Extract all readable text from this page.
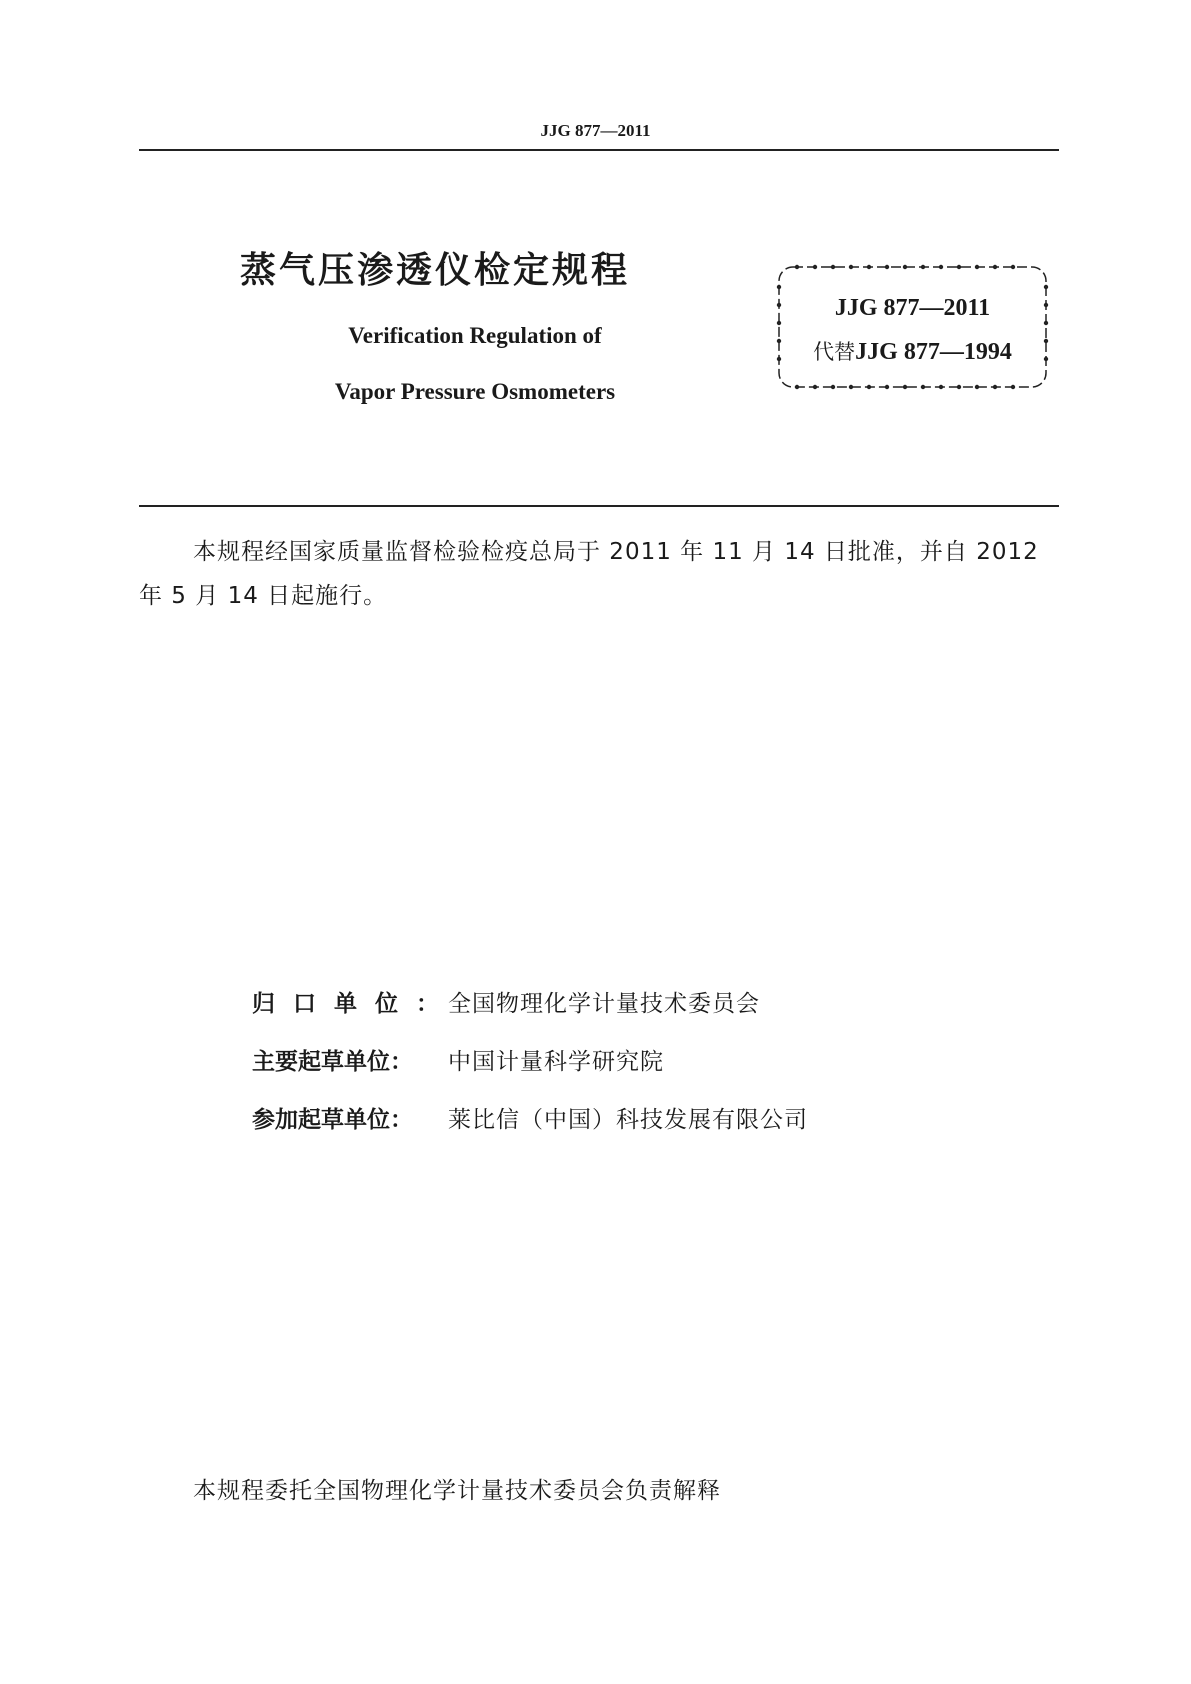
JJG 877—2011
蒸气压渗透仪检定规程
Verification Regulation of
Vapor Pressure Osmometers
JJG 877—2011
代替JJG 877—1994
本规程经国家质量监督检验检疫总局于 2011 年 11 月 14 日批准，并自 2012 年 5 月 14 日起施行。
归口单位：全国物理化学计量技术委员会
主要起草单位： 中国计量科学研究院
参加起草单位： 莱比信（中国）科技发展有限公司
本规程委托全国物理化学计量技术委员会负责解释
